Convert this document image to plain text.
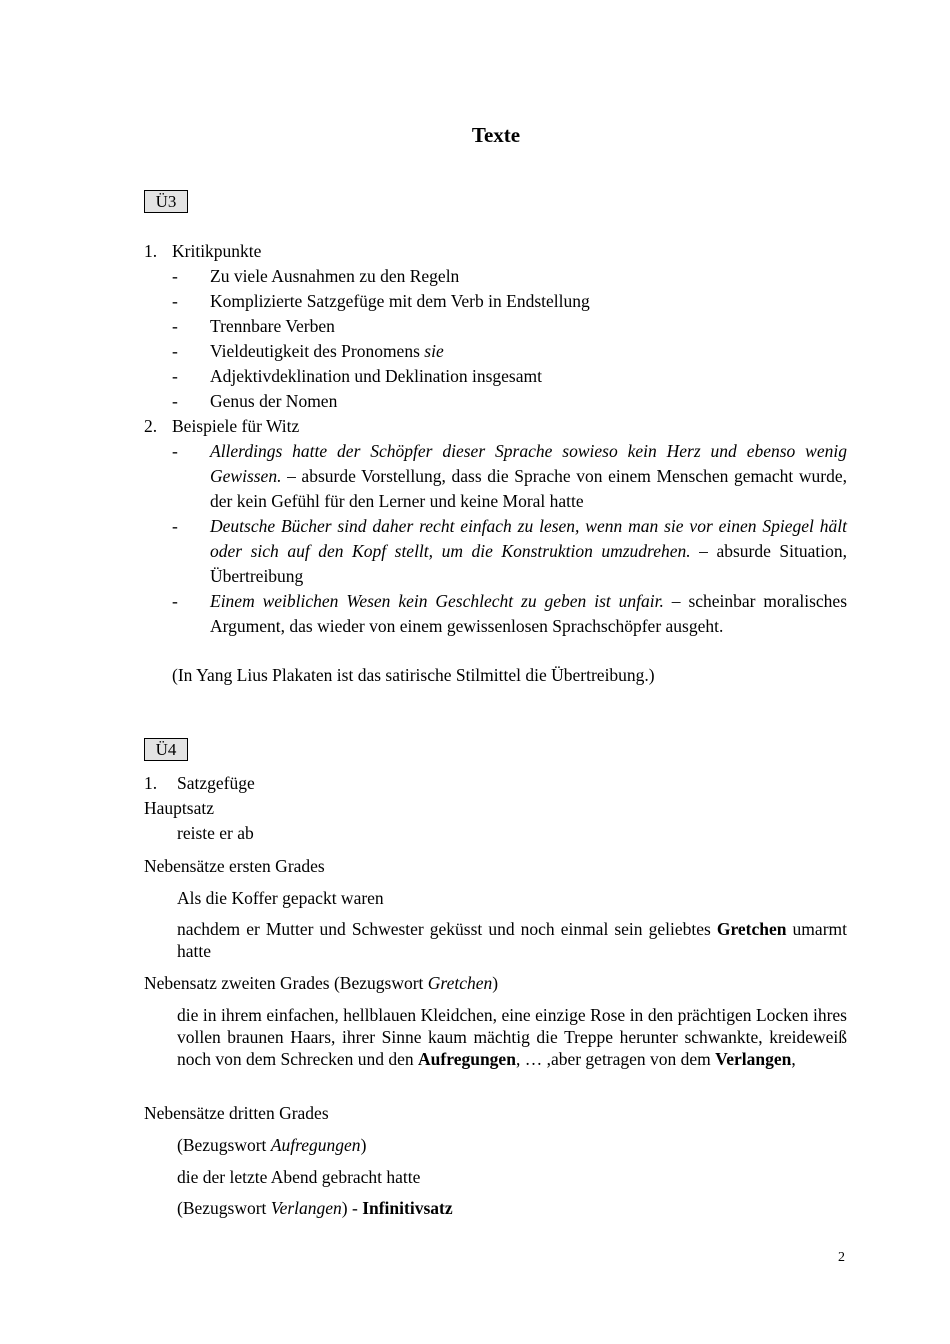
Texte
Ü3
1. Kritikpunkte
- Zu viele Ausnahmen zu den Regeln
- Komplizierte Satzgefüge mit dem Verb in Endstellung
- Trennbare Verben
- Vieldeutigkeit des Pronomens sie
- Adjektivdeklination und Deklination insgesamt
- Genus der Nomen
2. Beispiele für Witz
- Allerdings hatte der Schöpfer dieser Sprache sowieso kein Herz und ebenso wenig Gewissen. – absurde Vorstellung, dass die Sprache von einem Menschen gemacht wurde, der kein Gefühl für den Lerner und keine Moral hatte
- Deutsche Bücher sind daher recht einfach zu lesen, wenn man sie vor einen Spiegel hält oder sich auf den Kopf stellt, um die Konstruktion umzudrehen. – absurde Situation, Übertreibung
- Einem weiblichen Wesen kein Geschlecht zu geben ist unfair. – scheinbar moralisches Argument, das wieder von einem gewissenlosen Sprachschöpfer ausgeht.
(In Yang Lius Plakaten ist das satirische Stilmittel die Übertreibung.)
Ü4
1. Satzgefüge
Hauptsatz
reiste er ab
Nebensätze ersten Grades
Als die Koffer gepackt waren
nachdem er Mutter und Schwester geküsst und noch einmal sein geliebtes Gretchen umarmt hatte
Nebensatz zweiten Grades (Bezugswort Gretchen)
die in ihrem einfachen, hellblauen Kleidchen, eine einzige Rose in den prächtigen Locken ihres vollen braunen Haars, ihrer Sinne kaum mächtig die Treppe herunter schwankte, kreideweiß noch von dem Schrecken und den Aufregungen, … ,aber getragen von dem Verlangen,
Nebensätze dritten Grades
(Bezugswort Aufregungen)
die der letzte Abend gebracht hatte
(Bezugswort Verlangen) - Infinitivsatz
2
